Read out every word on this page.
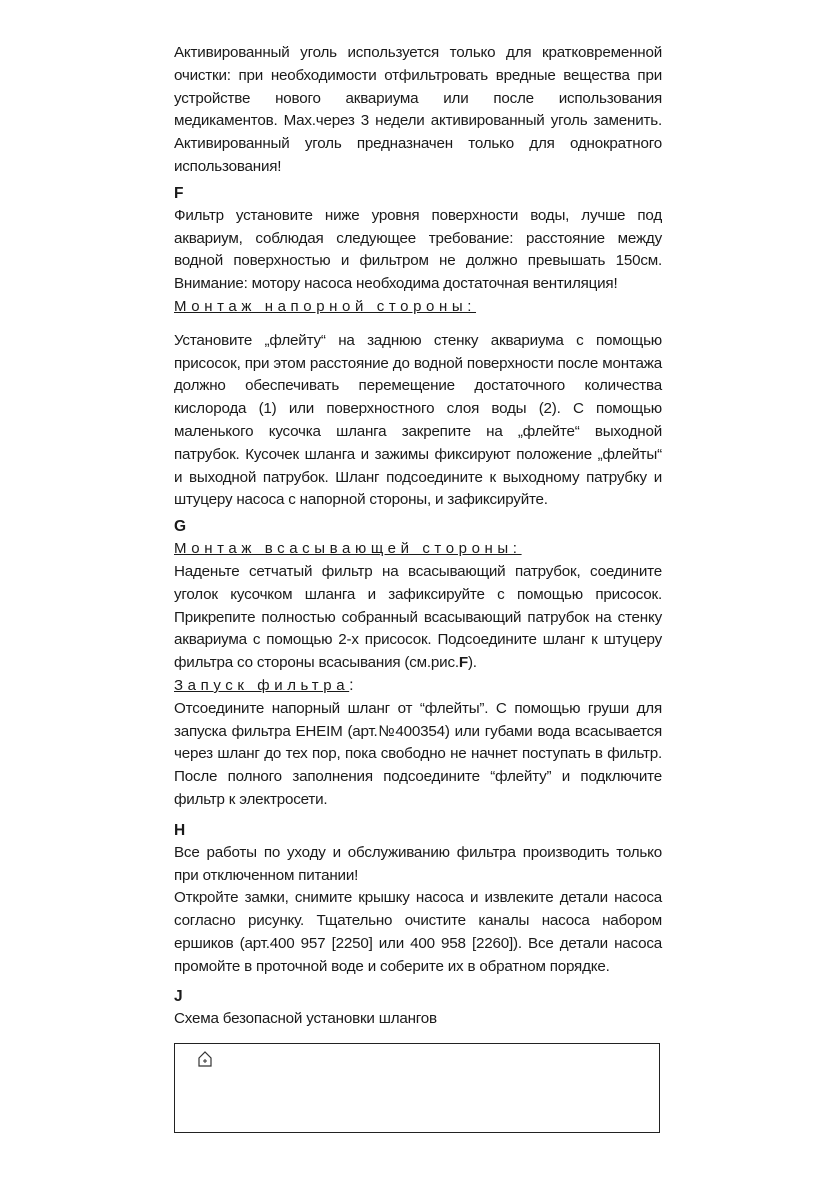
Активированный уголь используется только для кратковременной очистки: при необходимости отфильтровать вредные вещества при устройстве нового аквариума или после использования медикаментов. Max.через 3 недели активированный уголь заменить. Активированный уголь предназначен только для однократного использования!

F

Фильтр установите ниже уровня поверхности воды, лучше под аквариум, соблюдая следующее требование: расстояние между водной поверхностью и фильтром не должно превышать 150см. Внимание: мотору насоса необходима достаточная вентиляция!

Монтаж напорной стороны:

Установите „флейту“ на заднюю стенку аквариума с помощью присосок, при этом расстояние до водной поверхности после монтажа должно обеспечивать перемещение достаточного количества кислорода (1) или поверхностного слоя воды (2). С помощью маленького кусочка шланга закрепите на „флейте“ выходной патрубок. Кусочек шланга и зажимы фиксируют положение „флейты“ и выходной патрубок. Шланг подсоедините к выходному патрубку и штуцеру насоса с напорной стороны, и зафиксируйте.

G
Монтаж всасывающей стороны:

Наденьте сетчатый фильтр на всасывающий патрубок, соедините уголок кусочком шланга и зафиксируйте с помощью присосок. Прикрепите полностью собранный всасывающий патрубок на стенку аквариума с помощью 2-х присосок. Подсоедините шланг к штуцеру фильтра со стороны всасывания (см.рис.F).

Запуск фильтра:

Отсоедините напорный шланг от “флейты”. С помощью груши для запуска фильтра EHEIM (арт.№400354) или губами вода всасывается через шланг до тех пор, пока свободно не начнет поступать в фильтр. После полного заполнения подсоедините “флейту” и подключите фильтр к электросети.

H

Все работы по уходу и обслуживанию фильтра производить только при отключенном питании!

Откройте замки, снимите крышку насоса и извлеките детали насоса согласно рисунку. Тщательно очистите каналы насоса набором ершиков (арт.400 957 [2250] или 400 958 [2260]). Все детали насоса промойте в проточной воде и соберите их в обратном порядке.

J

Схема безопасной установки шлангов
